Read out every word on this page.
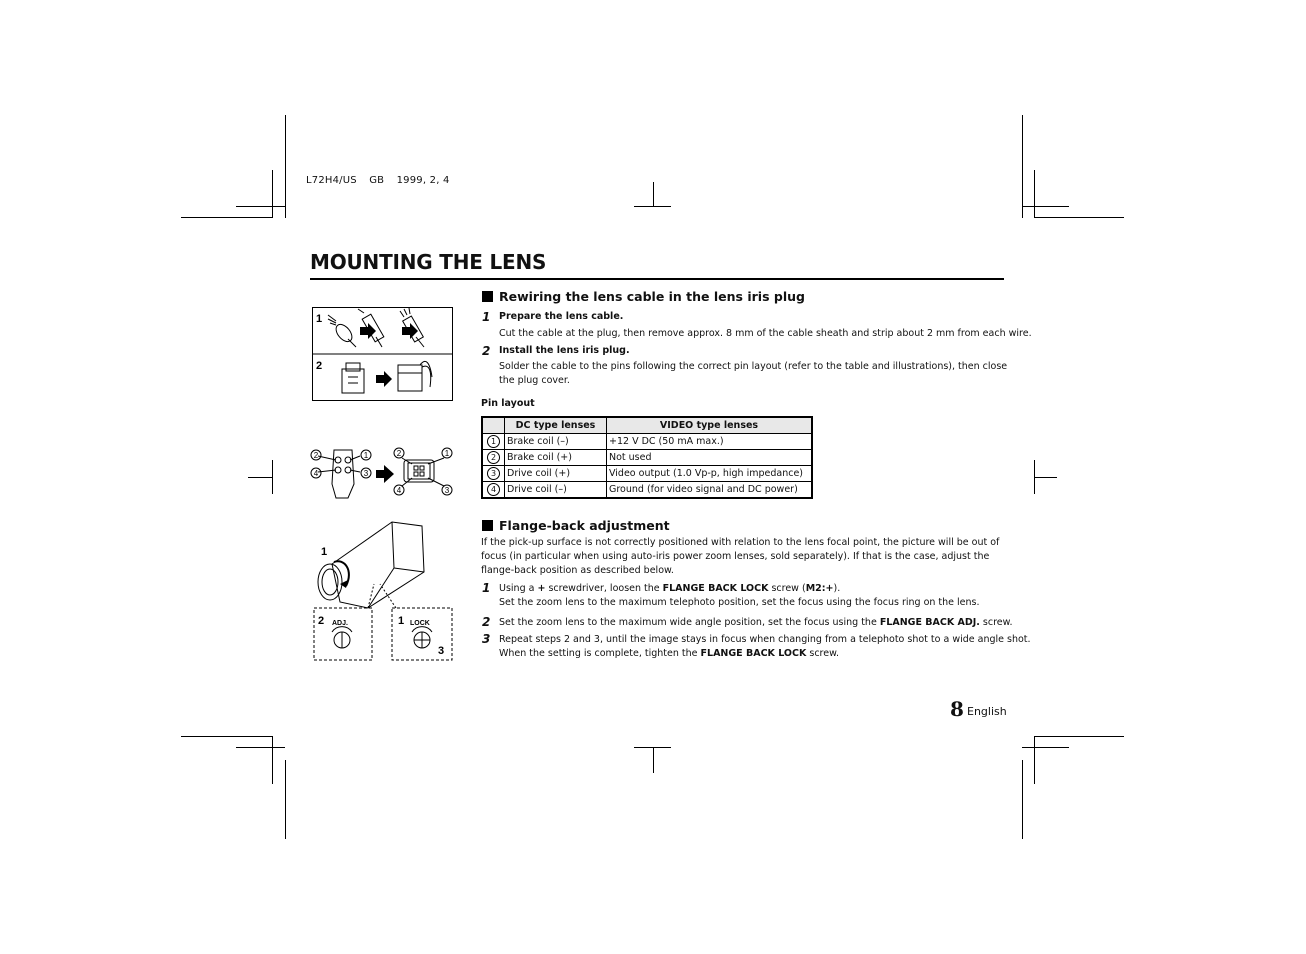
L72H4/US GB 1999, 2, 4
MOUNTING THE LENS
1
2
2	1
4	3
2	1
4	3
1
2 ADJ.	1 LOCK
3
Rewiring the lens cable in the lens iris plug
1 Prepare the lens cable.
Cut the cable at the plug, then remove approx. 8 mm of the cable sheath and strip about 2 mm from each wire.
2 Install the lens iris plug.
Solder the cable to the pins following the correct pin layout (refer to the table and illustrations), then close
the plug cover.
Pin layout
	DC type lenses	VIDEO type lenses
1	Brake coil (–)	+12 V DC (50 mA max.)
2	Brake coil (+)	Not used
3	Drive coil (+)	Video output (1.0 Vp-p, high impedance)
4	Drive coil (–)	Ground (for video signal and DC power)
Flange-back adjustment
If the pick-up surface is not correctly positioned with relation to the lens focal point, the picture will be out of
focus (in particular when using auto-iris power zoom lenses, sold separately). If that is the case, adjust the
flange-back position as described below.
1 Using a + screwdriver, loosen the FLANGE BACK LOCK screw (M2:+).
Set the zoom lens to the maximum telephoto position, set the focus using the focus ring on the lens.
2 Set the zoom lens to the maximum wide angle position, set the focus using the FLANGE BACK ADJ. screw.
3 Repeat steps 2 and 3, until the image stays in focus when changing from a telephoto shot to a wide angle shot.
When the setting is complete, tighten the FLANGE BACK LOCK screw.
8 English
